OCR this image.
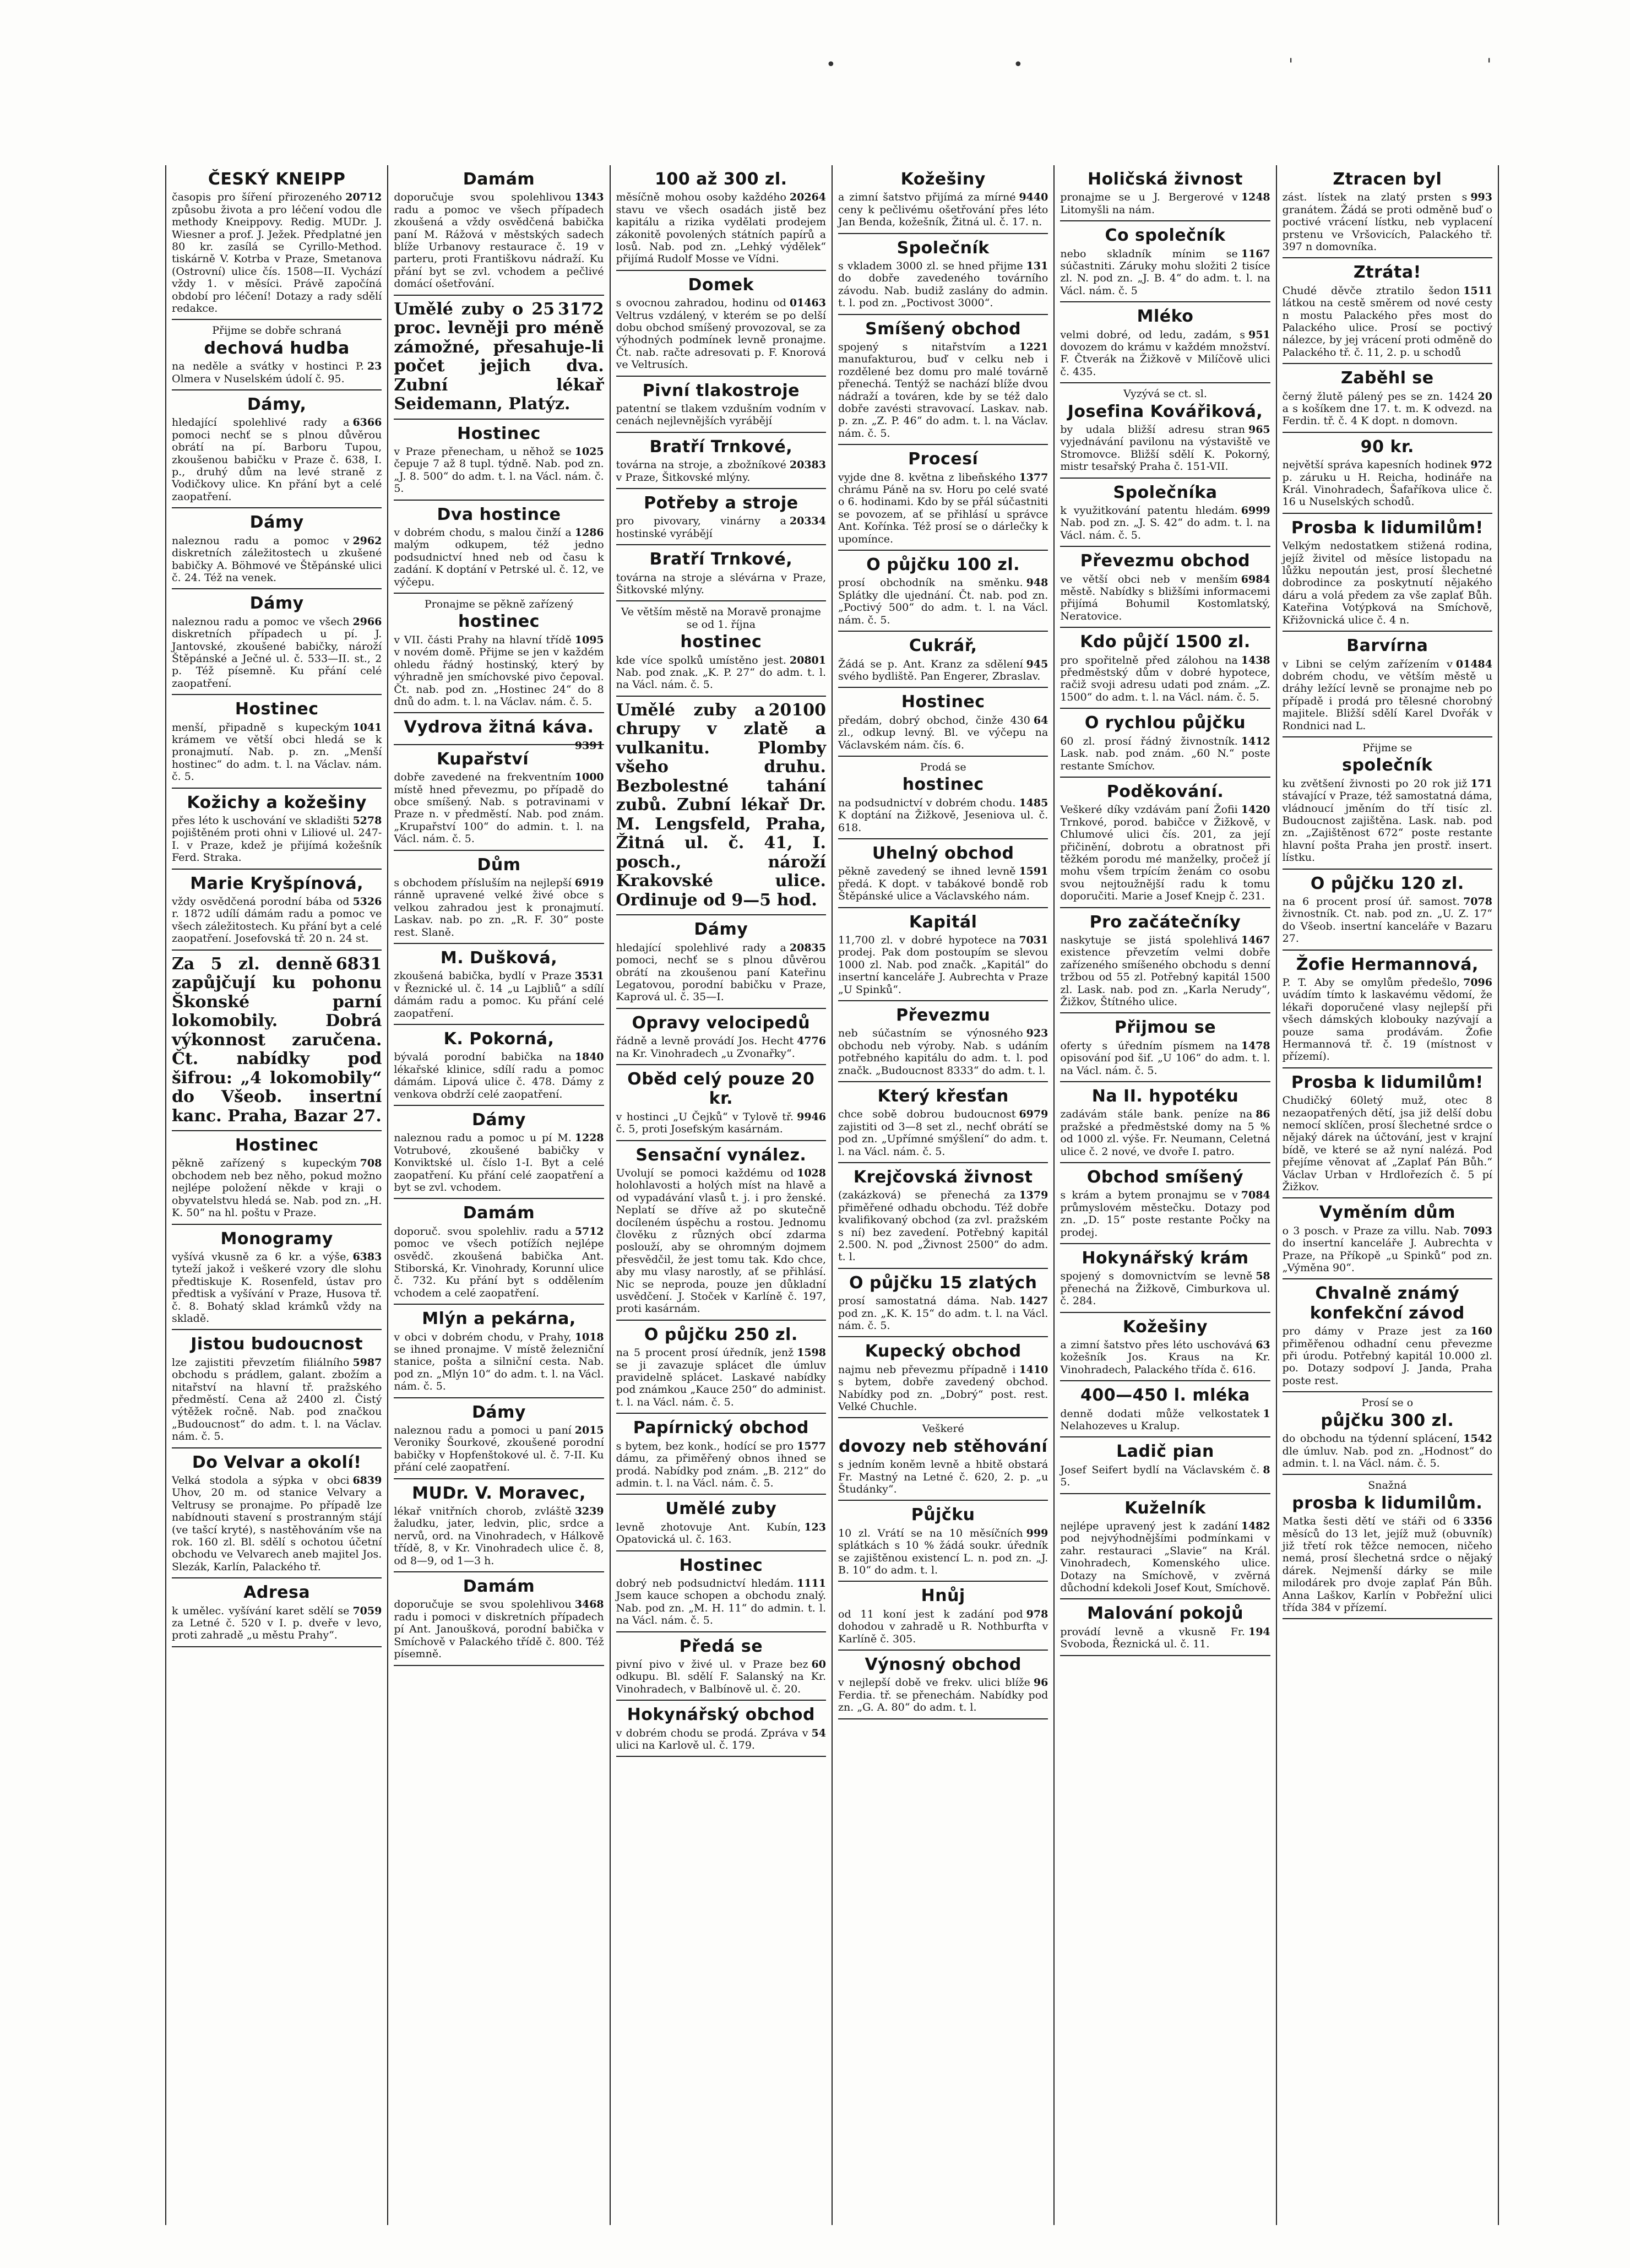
•	•	'	'
ČESKÝ KNEIPP

20712
časopis pro šíření přirozeného způsobu života a pro léčení vodou dle methody Kneippovy. Redig. MUDr. J. Wiesner a prof. J. Ježek. Předplatné jen 80 kr. zasílá se Cyrillo-Method. tiskárně V. Kotrba v Praze, Smetanova (Ostrovní) ulice čís. 1508—II. Vychází vždy 1. v měsíci. Právě započíná období pro léčení! Dotazy a rady sdělí redakce.

Přijme se dobře schraná
dechová hudba

23
na neděle a svátky v hostinci P. Olmera v Nuselském údolí č. 95.

Dámy,

6366
hledající spolehlivé rady a pomoci nechť se s plnou důvěrou obrátí na pí. Barboru Tupou, zkoušenou babičku v Praze č. 638, I. p., druhý dům na levé straně z Vodičkovy ulice. Kn přání byt a celé zaopatření.

Dámy

2962
naleznou radu a pomoc v diskretních záležitostech u zkušené babičky A. Böhmové ve Štěpánské ulici č. 24. Též na venek.

Dámy

2966
naleznou radu a pomoc ve všech diskretních případech u pí. J. Jantovské, zkoušené babičky, nároží Štěpánské a Ječné ul. č. 533—II. st., 2 p. Též písemně. Ku přání celé zaopatření.

Hostinec

1041
menší, připadně s kupeckým krámem ve větší obci hledá se k pronajmutí. Nab. p. zn. „Menší hostinec“ do adm. t. l. na Václav. nám. č. 5.

Kožichy a kožešiny

5278
přes léto k uschování ve skladišti pojištěném proti ohni v Liliové ul. 247-I. v Praze, kdež je přijímá kožešník Ferd. Straka.

Marie Kryšpínová,

5326
vždy osvědčená porodní bába od r. 1872 udílí dámám radu a pomoc ve všech záležitostech. Ku přání byt a celé zaopatření. Josefovská tř. 20 n. 24 st.

6831
Za 5 zl. denně zapůjčují ku pohonu Škonské parní lokomobily. Dobrá výkonnost zaručena. Čt. nabídky pod šifrou: „4 lokomobily“ do Všeob. insertní kanc. Praha, Bazar 27.

Hostinec

708
pěkně zařízený s kupeckým obchodem neb bez něho, pokud možno nejlépe položení někde v kraji o obyvatelstvu hledá se. Nab. pod zn. „H. K. 50“ na hl. poštu v Praze.

Monogramy

6383
vyšívá vkusně za 6 kr. a výše, tyteží jakož i veškeré vzory dle slohu předtiskuje K. Rosenfeld, ústav pro předtisk a vyšívání v Praze, Husova tř. č. 8. Bohatý sklad krámků vždy na skladě.

Jistou budoucnost

5987
lze zajistiti převzetím filiálního obchodu s prádlem, galant. zbožím a nitařství na hlavní tř. pražského předměstí. Cena až 2400 zl. Čistý výtěžek ročně. Nab. pod značkou „Budoucnost“ do adm. t. l. na Václav. nám. č. 5.

Do Velvar a okolí!

6839
Velká stodola a sýpka v obci Uhov, 20 m. od stanice Velvary a Veltrusy se pronajme. Po případě lze nabídnouti stavení s prostranným stájí (ve tašcí kryté), s nastěhováním vše na rok. 160 zl. Bl. sdělí s ochotou účetní obchodu ve Velvarech aneb majitel Jos. Slezák, Karlín, Palackého tř.

Adresa

7059
k umělec. vyšívání karet sdělí se za Letné č. 520 v I. p. dveře v levo, proti zahradě „u městu Prahy“.

Damám

1343
doporučuje svou spolehlivou radu a pomoc ve všech případech zkoušená a vždy osvědčená babička paní M. Rážová v městských sadech blíže Urbanovy restaurace č. 19 v parteru, proti Františkovu nádraží. Ku přání byt se zvl. vchodem a pečlivé domácí ošetřování.

3172
Umělé zuby o 25 proc. levněji pro méně zámožné, přesahuje-li počet jejich dva. Zubní lékař Seidemann, Platýz.

Hostinec

1025
v Praze přenecham, u něhož se čepuje 7 až 8 tupl. týdně. Nab. pod zn. „J. 8. 500“ do adm. t. l. na Václ. nám. č. 5.

Dva hostince

1286
v dobrém chodu, s malou činží a malým odkupem, též jedno podsudnictví hned neb od času k zadání. K doptání v Petrské ul. č. 12, ve výčepu.

Pronajme se pěkně zařízený
hostinec

1095
v VII. části Prahy na hlavní třídě v novém domě. Přijme se jen v každém ohledu řádný hostinský, který by výhradně jen smíchovské pivo čepoval. Čt. nab. pod zn. „Hostinec 24“ do 8 dnů do adm. t. l. na Václav. nám. č. 5.

Vydrova žitná káva.

9391

Kupařství

1000
dobře zavedené na frekventním místě hned převezmu, po případě do obce smíšený. Nab. s potravinami v Praze n. v předměstí. Nab. pod znám. „Krupařství 100“ do admin. t. l. na Václ. nám. č. 5.

Dům

6919
s obchodem přísluším na nejlepší ránně upravené velké živé obce s velkou zahradou jest k pronajmutí. Laskav. nab. po zn. „R. F. 30“ poste rest. Slaně.

M. Dušková,

3531
zkoušená babička, bydlí v Praze v Řeznické ul. č. 14 „u Lajbliů“ a sdílí dámám radu a pomoc. Ku přání celé zaopatření.

K. Pokorná,

1840
bývalá porodní babička na lékařské klinice, sdílí radu a pomoc dámám. Lipová ulice č. 478. Dámy z venkova obdrží celé zaopatření.

Dámy

1228
naleznou radu a pomoc u pí M. Votrubové, zkoušené babičky v Konviktské ul. číslo 1-I. Byt a celé zaopatření. Ku přání celé zaopatření a byt se zvl. vchodem.

Damám

5712
doporuč. svou spolehliv. radu a pomoc ve všech potížích nejlépe osvědč. zkoušená babička Ant. Stiborská, Kr. Vinohrady, Korunní ulice č. 732. Ku přání byt s oddělením vchodem a celé zaopatření.

Mlýn a pekárna,

1018
v obci v dobrém chodu, v Prahy, se ihned pronajme. V místě železniční stanice, pošta a silniční cesta. Nab. pod zn. „Mlýn 10“ do adm. t. l. na Václ. nám. č. 5.

Dámy

2015
naleznou radu a pomoci u paní Veroniky Šourkové, zkoušené porodní babičky v Hopfenštokové ul. č. 7-II. Ku přání celé zaopatření.

MUDr. V. Moravec,

3239
lékař vnitřních chorob, zvláště žaludku, jater, ledvin, plic, srdce a nervů, ord. na Vinohradech, v Hálkově třídě, 8, v Kr. Vinohradech ulice č. 8, od 8—9, od 1—3 h.

Damám

3468
doporučuje se svou spolehlivou radu i pomoci v diskretních případech pí Ant. Janoušková, porodní babička v Smíchově v Palackého třídě č. 800. Též písemně.

100 až 300 zl.

20264
měsíčně mohou osoby každého stavu ve všech osadách jistě bez kapitálu a rizika vydělati prodejem zákonitě povolených státních papírů a losů. Nab. pod zn. „Lehký výdělek“ přijímá Rudolf Mosse ve Vídni.

Domek

01463
s ovocnou zahradou, hodinu od Veltrus vzdálený, v kterém se po delší dobu obchod smíšený provozoval, se za výhodných podmínek levně pronajme. Čt. nab. račte adresovati p. F. Knorová ve Veltrusích.

Pivní tlakostroje

patentní se tlakem vzdušním vodním v cenách nejlevnějších vyrábějí

Bratří Trnkové,

20383
továrna na stroje, a zbožníkové v Praze, Šitkovské mlýny.

Potřeby a stroje

20334
pro pivovary, vinárny a hostinské vyrábějí

Bratří Trnkové,

továrna na stroje a slévárna v Praze, Šitkovské mlýny.

Ve větším městě na Moravě pronajme se od 1. října
hostinec

20801
kde více spolků umístěno jest. Nab. pod znak. „K. P. 27“ do adm. t. l. na Václ. nám. č. 5.

20100
Umělé zuby a chrupy v zlatě a vulkanitu. Plomby všeho druhu. Bezbolestné tahání zubů. Zubní lékař Dr. M. Lengsfeld, Praha, Žitná ul. č. 41, I. posch., nároží Krakovské ulice. Ordinuje od 9—5 hod.

Dámy

20835
hledající spolehlivé rady a pomoci, nechť se s plnou důvěrou obrátí na zkoušenou paní Kateřinu Legatovou, porodní babičku v Praze, Kaprová ul. č. 35—I.

Opravy velocipedů

4776
řádně a levně provádí Jos. Hecht na Kr. Vinohradech „u Zvonařky“.

Oběd celý pouze 20 kr.

9946
v hostinci „U Čejků“ v Tylově tř. č. 5, proti Josefským kasárnám.

Sensační vynález.

1028
Uvolují se pomoci každému od holohlavosti a holých míst na hlavě a od vypadávání vlasů t. j. i pro ženské. Neplatí se dříve až po skutečně docíleném úspěchu a rostou. Jednomu člověku z různých obcí zdarma poslouží, aby se ohromným dojmem přesvědčil, že jest tomu tak. Kdo chce, aby mu vlasy narostly, ať se přihlásí. Nic se neproda, pouze jen důkladní usvědčení. J. Stoček v Karlíně č. 197, proti kasárnám.

O půjčku 250 zl.

1598
na 5 procent prosí úředník, jenž se ji zavazuje splácet dle úmluv pravidelně splácet. Laskavé nabídky pod známkou „Kauce 250“ do administ. t. l. na Václ. nám. č. 5.

Papírnický obchod

1577
s bytem, bez konk., hodící se pro dámu, za přiměřený obnos ihned se prodá. Nabídky pod znám. „B. 212“ do admin. t. l. na Václ. nám. č. 5.

Umělé zuby

123
levně zhotovuje Ant. Kubín, Opatovická ul. č. 163.

Hostinec

1111
dobrý neb podsudnictví hledám. Jsem kauce schopen a obchodu znalý. Nab. pod zn. „M. H. 11“ do admin. t. l. na Václ. nám. č. 5.

Předá se

60
pivní pivo v živé ul. v Praze bez odkupu. Bl. sdělí F. Salanský na Kr. Vinohradech, v Balbínově ul. č. 20.

Hokynářský obchod

54
v dobrém chodu se prodá. Zpráva v ulici na Karlově ul. č. 179.

Kožešiny

9440
a zimní šatstvo přijímá za mírné ceny k pečlivému ošetřování přes léto Jan Benda, kožešník, Žitná ul. č. 17. n.

Společník

131
s vkladem 3000 zl. se hned přijme do dobře zavedeného továrního závodu. Nab. budiž zaslány do admin. t. l. pod zn. „Poctivost 3000“.

Smíšený obchod

1221
spojený s nitařstvím a manufakturou, buď v celku neb i rozdělené bez domu pro malé továrně přenechá. Tentýž se nachází blíže dvou nádraží a továren, kde by se též dalo dobře zavésti stravovací. Laskav. nab. p. zn. „Z. P. 46“ do adm. t. l. na Václav. nám. č. 5.

Procesí

1377
vyjde dne 8. května z libeňského chrámu Páně na sv. Horu po celé svaté o 6. hodinami. Kdo by se přál súčastniti se povozem, ať se přihlásí u správce Ant. Kořínka. Též prosí se o dárlečky k upomínce.

O půjčku 100 zl.

948
prosí obchodník na směnku. Splátky dle ujednání. Čt. nab. pod zn. „Poctivý 500“ do adm. t. l. na Václ. nám. č. 5.

Cukrář,

945
Žádá se p. Ant. Kranz za sdělení svého bydliště. Pan Engerer, Zbraslav.

Hostinec

64
předám, dobrý obchod, činže 430 zl., odkup levný. Bl. ve výčepu na Václavském nám. čís. 6.

Prodá se
hostinec

1485
na podsudnictví v dobrém chodu. K doptání na Žižkově, Jeseniova ul. č. 618.

Uhelný obchod

1591
pěkně zavedený se ihned levně předá. K dopt. v tabákové bondě rob Štěpánské ulice a Václavského nám.

Kapitál

7031
11,700 zl. v dobré hypotece na prodej. Pak dom postoupím se slevou 1000 zl. Nab. pod značk. „Kapitál“ do insertní kanceláře J. Aubrechta v Praze „U Spinků“.

Převezmu

923
neb súčastním se výnosného obchodu neb výroby. Nab. s udáním potřebného kapitálu do adm. t. l. pod značk. „Budoucnost 8333“ do adm. t. l.

Který křesťan

6979
chce sobě dobrou budoucnost zajistiti od 3—8 set zl., nechť obrátí se pod zn. „Upřímné smýšlení“ do adm. t. l. na Václ. nám. č. 5.

Krejčovská živnost

1379
(zakázková) se přenechá za přiměřené odhadu obchodu. Též dobře kvalifikovaný obchod (za zvl. pražském s ní) bez zavedení. Potřebný kapitál 2.500. N. pod „Živnost 2500“ do adm. t. l.

O půjčku 15 zlatých

1427
prosí samostatná dáma. Nab. pod zn. „K. K. 15“ do adm. t. l. na Václ. nám. č. 5.

Kupecký obchod

1410
najmu neb převezmu případně i s bytem, dobře zavedený obchod. Nabídky pod zn. „Dobrý“ post. rest. Velké Chuchle.

Veškeré
dovozy neb stěhování

s jedním koněm levně a hbitě obstará Fr. Mastný na Letné č. 620, 2. p. „u Študánky“.

Půjčku

999
10 zl. Vrátí se na 10 měsíčních splátkách s 10 % žádá soukr. úředník se zajištěnou existencí L. n. pod zn. „J. B. 10“ do adm. t. l.

Hnůj

978
od 11 koní jest k zadání pod dohodou v zahradě u R. Nothburfta v Karlíně č. 305.

Výnosný obchod

96
v nejlepší době ve frekv. ulici blíže Ferdia. tř. se přenechám. Nabídky pod zn. „G. A. 80“ do adm. t. l.

Holičská živnost

1248
pronajme se u J. Bergerové v Litomyšli na nám.

Co společník

1167
nebo skladník mínim se súčastniti. Záruky mohu složiti 2 tisíce zl. N. pod zn. „J. B. 4“ do adm. t. l. na Václ. nám. č. 5

Mléko

951
velmi dobré, od ledu, zadám, s dovozem do krámu v každém množství. F. Čtverák na Žižkově v Milíčově ulici č. 435.

Vyzývá se ct. sl.
Josefina Kovářiková,

965
by udala bližší adresu stran vyjednávání pavilonu na výstaviště ve Stromovce. Bližší sdělí K. Pokorný, mistr tesařský Praha č. 151-VII.

Společníka

6999
k využitkování patentu hledám. Nab. pod zn. „J. S. 42“ do adm. t. l. na Václ. nám. č. 5.

Převezmu obchod

6984
ve větší obci neb v menším městě. Nabídky s bližšími informacemi přijímá Bohumil Kostomlatský, Neratovice.

Kdo půjčí 1500 zl.

1438
pro spořitelně před zálohou na předměstský dům v dobré hypotece, račiž svoji adresu udati pod znám. „Z. 1500“ do adm. t. l. na Václ. nám. č. 5.

O rychlou půjčku

1412
60 zl. prosí řádný živnostník. Lask. nab. pod znám. „60 N.“ poste restante Smíchov.

Poděkování.

1420
Veškeré díky vzdávám paní Žofii Trnkové, porod. babičce v Žižkově, v Chlumové ulici čís. 201, za její přičinění, dobrotu a obratnost při těžkém porodu mé manželky, pročež jí mohu všem trpícím ženám co osobu svou nejtoužnější radu k tomu doporučiti. Marie a Josef Knejp č. 231.

Pro začátečníky

1467
naskytuje se jistá spolehlivá existence převzetím velmi dobře zařízeného smíšeného obchodu s denní tržbou od 55 zl. Potřebný kapitál 1500 zl. Lask. nab. pod zn. „Karla Nerudy“, Žižkov, Štítného ulice.

Přijmou se

1478
oferty s úředním písmem na opisování pod šif. „U 106“ do adm. t. l. na Václ. nám. č. 5.

Na II. hypotéku

86
zadávám stále bank. peníze na pražské a předměstské domy na 5 % od 1000 zl. výše. Fr. Neumann, Celetná ulice č. 2 nové, ve dvoře I. patro.

Obchod smíšený

7084
s krám a bytem pronajmu se v průmyslovém městečku. Dotazy pod zn. „D. 15“ poste restante Počky na prodej.

Hokynářský krám

58
spojený s domovnictvím se levně přenechá na Žižkově, Cimburkova ul. č. 284.

Kožešiny

63
a zimní šatstvo přes léto uschovává kožešník Jos. Kraus na Kr. Vinohradech, Palackého třída č. 616.

400—450 l. mléka

1
denně dodati může velkostatek Nelahozeves u Kralup.

Ladič pian

8
Josef Seifert bydlí na Václavském č. 5.

Kuželník

1482
nejlépe upravený jest k zadání pod nejvýhodnějšími podmínkami v zahr. restauraci „Slavie“ na Král. Vinohradech, Komenského ulice. Dotazy na Smíchově, v zvěrná důchodní kdekoli Josef Kout, Smíchově.

Malování pokojů

194
provádí levně a vkusně Fr. Svoboda, Řeznická ul. č. 11.

Ztracen byl

993
zást. lístek na zlatý prsten s granátem. Žádá se proti odměně buď o poctivé vrácení lístku, neb vyplacení prstenu ve Vršovicích, Palackého tř. 397 n domovníka.

Ztráta!

1511
Chudé děvče ztratilo šedon látkou na cestě směrem od nové cesty n mostu Palackého přes most do Palackého ulice. Prosí se poctivý nálezce, by jej vrácení proti odměně do Palackého tř. č. 11, 2. p. u schodů

Zaběhl se

20
černý žlutě pálený pes se zn. 1424 a s košíkem dne 17. t. m. K odvezd. na Ferdin. tř. č. 4 K dopt. n domovn.

90 kr.

972
největší správa kapesních hodinek p. záruku u H. Reicha, hodináře na Král. Vinohradech, Šafaříkova ulice č. 16 u Nuselských schodů.

Prosba k lidumilům!

Velkým nedostatkem stižená rodina, jejíž živitel od měsíce listopadu na lůžku nepoután jest, prosí šlechetné dobrodince za poskytnutí nějakého dáru a volá předem za vše zaplať Bůh. Kateřina Votýpková na Smíchově, Křižovnická ulice č. 4 n.

Barvírna

01484
v Libni se celým zařízením v dobrém chodu, ve větším městě u dráhy ležící levně se pronajme neb po případě i prodá pro tělesné chorobný majitele. Bližší sdělí Karel Dvořák v Rondnici nad L.

Přijme se
společník

171
ku zvětšení živnosti po 20 rok již stávající v Praze, též samostatná dáma, vládnoucí jměním do tří tisíc zl. Budoucnost zajištěna. Lask. nab. pod zn. „Zajištěnost 672“ poste restante hlavní pošta Praha jen prostř. insert. lístku.

O půjčku 120 zl.

7078
na 6 procent prosí úř. samost. živnostník. Ct. nab. pod zn. „U. Z. 17“ do Všeob. insertní kanceláře v Bazaru 27.

Žofie Hermannová,

7096
P. T. Aby se omylům předešlo, uvádím tímto k laskavému vědomí, že lékaři doporučené vlasy nejlepší při všech dámských klobouky nazývají a pouze sama prodávám. Žofie Hermannová tř. č. 19 (místnost v přízemí).

Prosba k lidumilům!

Chudičký 60letý muž, otec 8 nezaopatřených dětí, jsa již delší dobu nemocí sklíčen, prosí šlechetné srdce o nějaký dárek na účtování, jest v krajní bídě, ve které se až nyní nalézá. Pod přejíme věnovat ať „Zaplať Pán Bůh.“ Václav Urban v Hrdlořezích č. 5 pí Žižkov.

Vyměním dům

7093
o 3 posch. v Praze za villu. Nab. do insertní kanceláře J. Aubrechta v Praze, na Příkopě „u Spinků“ pod zn. „Výměna 90“.

Chvalně známý konfekční závod

160
pro dámy v Praze jest za přiměřenou odhadní cenu převezme při úrodu. Potřebný kapitál 10.000 zl. po. Dotazy sodpoví J. Janda, Praha poste rest.

Prosí se o
půjčku 300 zl.

1542
do obchodu na týdenní splácení, dle úmluv. Nab. pod zn. „Hodnost“ do admin. t. l. na Václ. nám. č. 5.

Snažná
prosba k lidumilům.

3356
Matka šesti dětí ve stáři od 6 měsíců do 13 let, jejíž muž (obuvník) již třetí rok těžce nemocen, ničeho nemá, prosí šlechetná srdce o nějaký dárek. Nejmenší dárky se mile milodárek pro dvoje zaplať Pán Bůh. Anna Laškov, Karlín v Pobřežní ulici třída 384 v přízemí.
